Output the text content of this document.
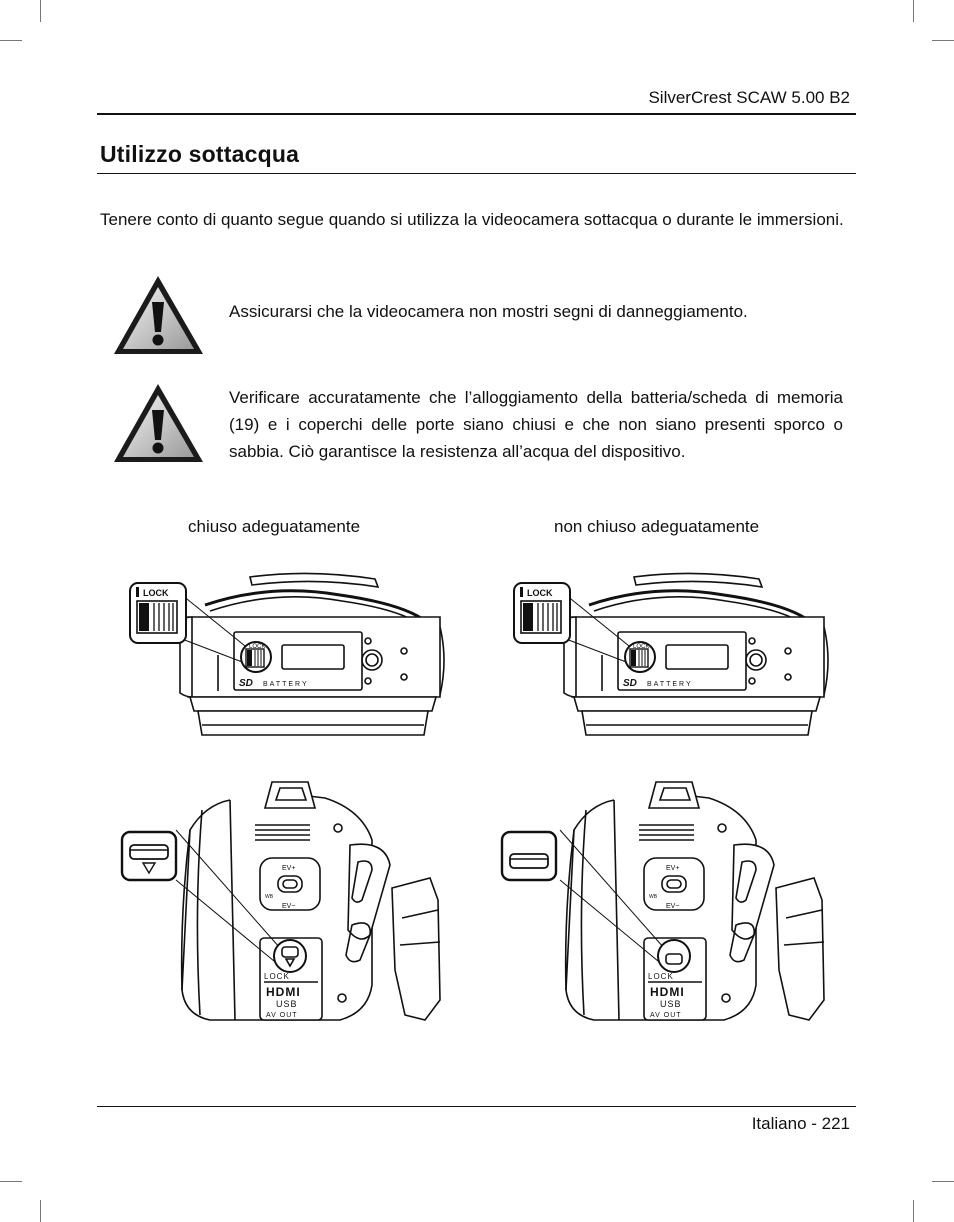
SilverCrest SCAW 5.00 B2
Utilizzo sottacqua
Tenere conto di quanto segue quando si utilizza la videocamera sottacqua o durante le immersioni.
Assicurarsi che la videocamera non mostri segni di danneggiamento.
Verificare accuratamente che l’alloggiamento della batteria/scheda di memoria (19) e i coperchi delle porte siano chiusi e che non siano presenti sporco o sabbia. Ciò garantisce la resistenza all’acqua del dispositivo.
chiuso adeguatamente	non chiuso adeguatamente
LOCK
SD BATTERY
LOCK
LOCK
SD BATTERY
LOCK
EV+
EV−
WB
LOCK
HDMI
USB
AV OUT
EV+
EV−
WB
LOCK
HDMI
USB
AV OUT
Italiano - 221
